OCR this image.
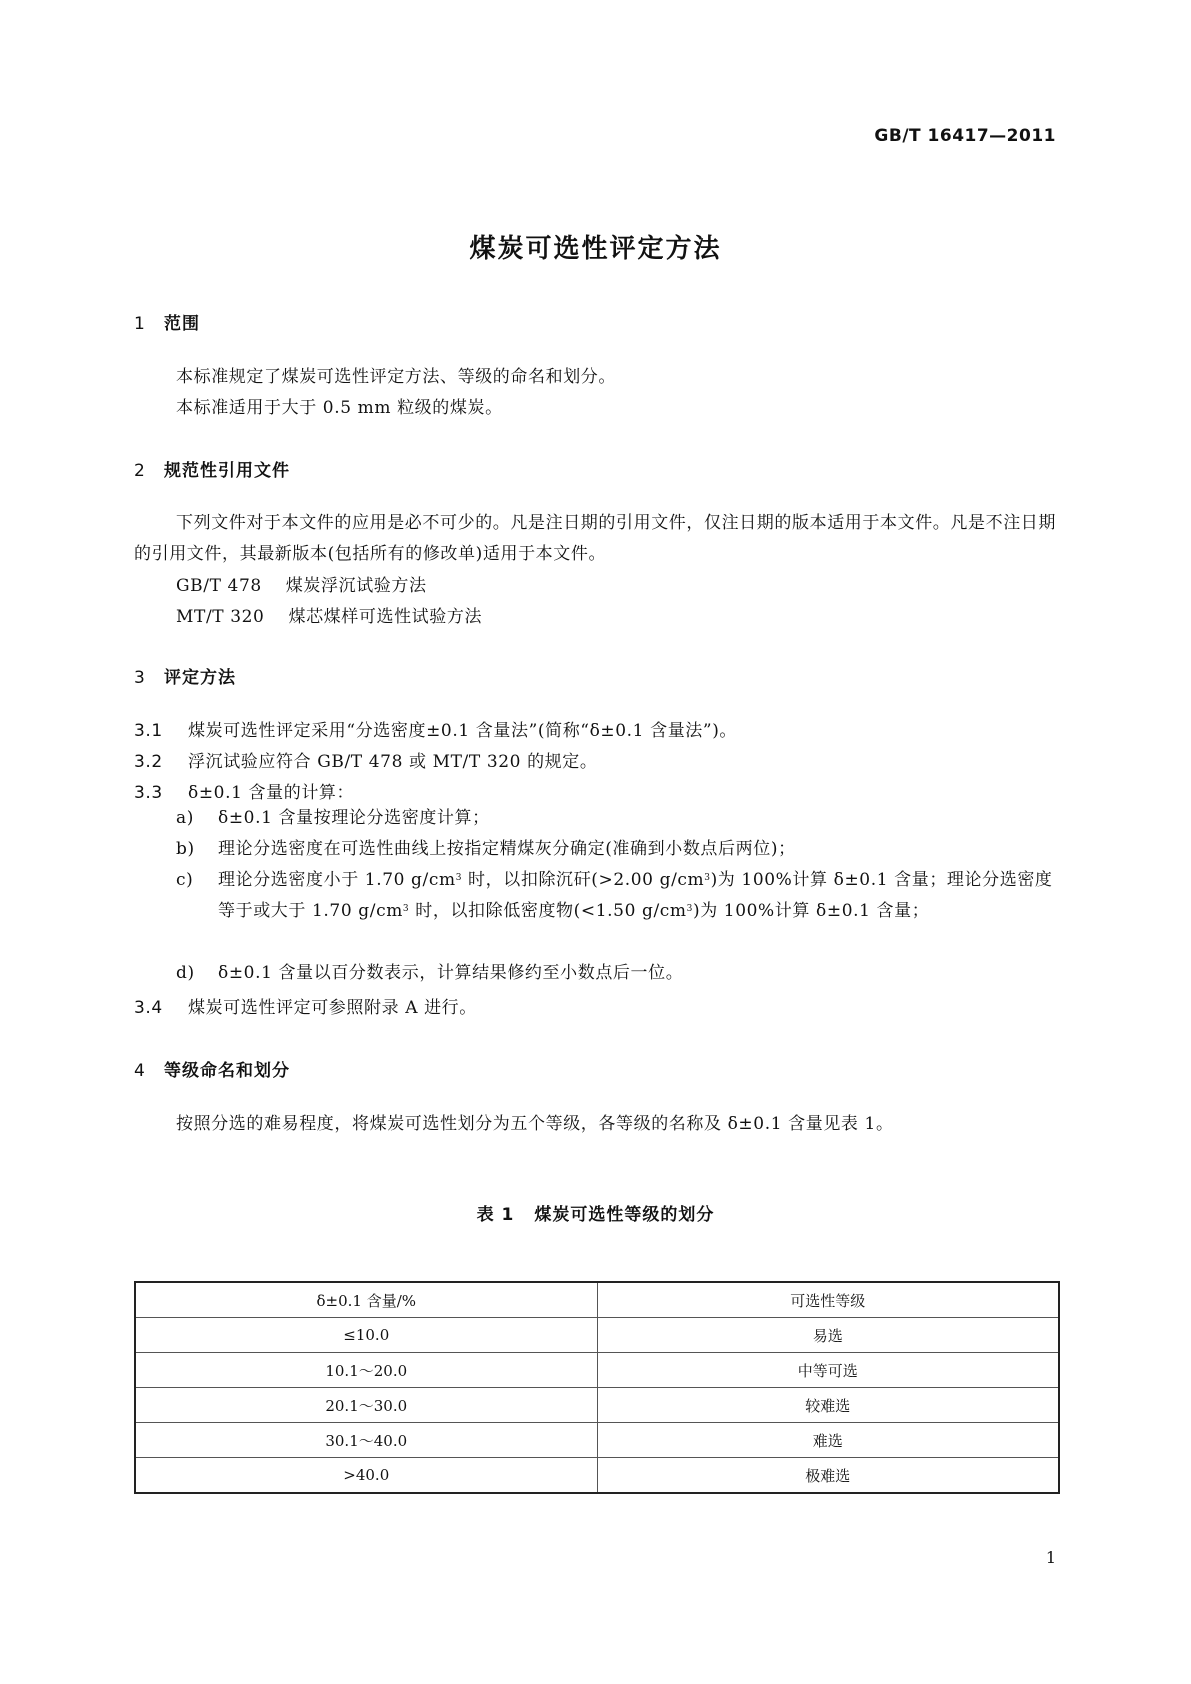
GB/T 16417—2011
煤炭可选性评定方法
1 范围
本标准规定了煤炭可选性评定方法、等级的命名和划分。
本标准适用于大于 0.5 mm 粒级的煤炭。
2 规范性引用文件
下列文件对于本文件的应用是必不可少的。凡是注日期的引用文件，仅注日期的版本适用于本文件。凡是不注日期的引用文件，其最新版本(包括所有的修改单)适用于本文件。
GB/T 478 煤炭浮沉试验方法
MT/T 320 煤芯煤样可选性试验方法
3 评定方法
3.1 煤炭可选性评定采用“分选密度±0.1 含量法”(简称“δ±0.1 含量法”)。
3.2 浮沉试验应符合 GB/T 478 或 MT/T 320 的规定。
3.3 δ±0.1 含量的计算：
a) δ±0.1 含量按理论分选密度计算；
b) 理论分选密度在可选性曲线上按指定精煤灰分确定(准确到小数点后两位)；
c) 理论分选密度小于 1.70 $g/cm^3$ 时，以扣除沉矸(>2.00 $g/cm^3$)为 100%计算 δ±0.1 含量；理论分选密度等于或大于 1.70 $g/cm^3$ 时，以扣除低密度物(<1.50 $g/cm^3$)为 100%计算 δ±0.1 含量；
d) δ±0.1 含量以百分数表示，计算结果修约至小数点后一位。
3.4 煤炭可选性评定可参照附录 A 进行。
4 等级命名和划分
按照分选的难易程度，将煤炭可选性划分为五个等级，各等级的名称及 δ±0.1 含量见表 1。
表 1 煤炭可选性等级的划分
δ±0.1 含量/%	可选性等级
≤10.0	易选
10.1～20.0	中等可选
20.1～30.0	较难选
30.1～40.0	难选
>40.0	极难选
1
